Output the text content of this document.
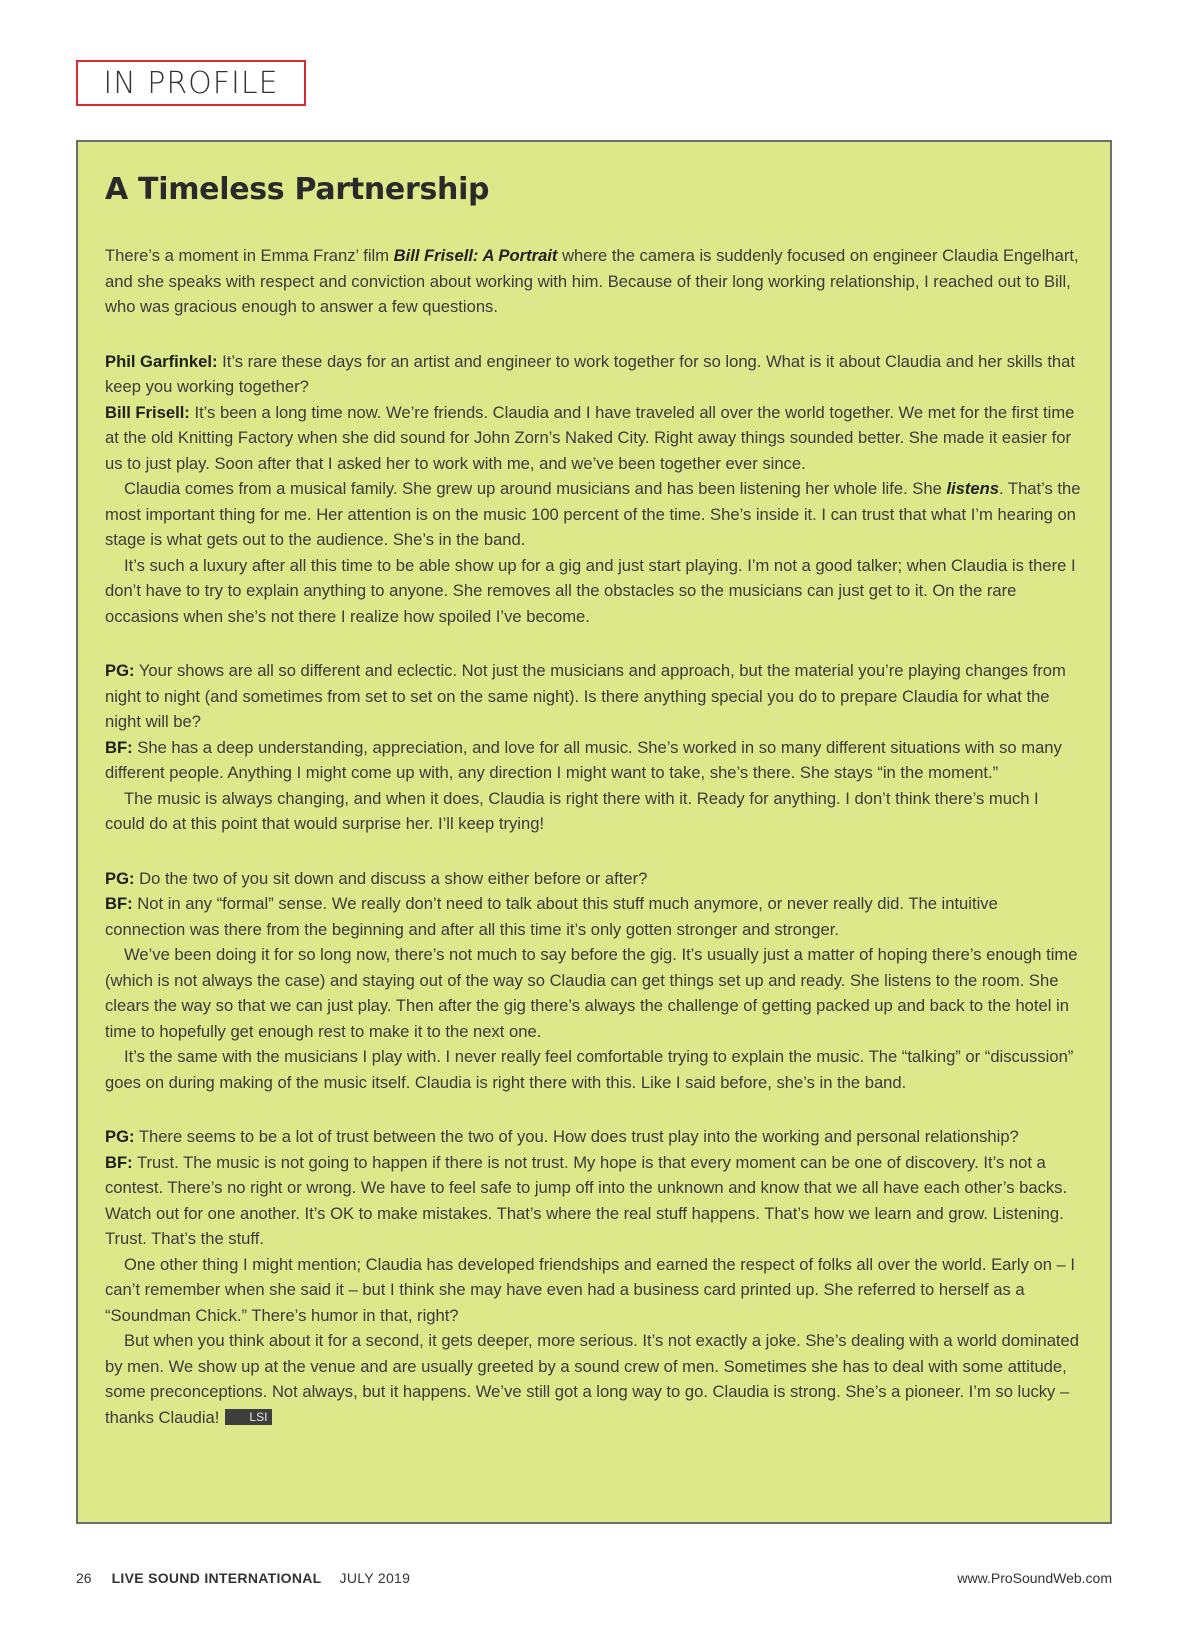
IN PROFILE
A Timeless Partnership

There’s a moment in Emma Franz’ film Bill Frisell: A Portrait where the camera is suddenly focused on engineer Claudia Engelhart, and she speaks with respect and conviction about working with him. Because of their long working relationship, I reached out to Bill, who was gracious enough to answer a few questions.

Phil Garfinkel: It’s rare these days for an artist and engineer to work together for so long. What is it about Claudia and her skills that keep you working together?

Bill Frisell: It’s been a long time now. We’re friends. Claudia and I have traveled all over the world together. We met for the first time at the old Knitting Factory when she did sound for John Zorn’s Naked City. Right away things sounded better. She made it easier for us to just play. Soon after that I asked her to work with me, and we’ve been together ever since.

Claudia comes from a musical family. She grew up around musicians and has been listening her whole life. She listens. That’s the most important thing for me. Her attention is on the music 100 percent of the time. She’s inside it. I can trust that what I’m hearing on stage is what gets out to the audience. She’s in the band.

It’s such a luxury after all this time to be able show up for a gig and just start playing. I’m not a good talker; when Claudia is there I don’t have to try to explain anything to anyone. She removes all the obstacles so the musicians can just get to it. On the rare occasions when she’s not there I realize how spoiled I’ve become.

PG: Your shows are all so different and eclectic. Not just the musicians and approach, but the material you’re playing changes from night to night (and sometimes from set to set on the same night). Is there anything special you do to prepare Claudia for what the night will be?

BF: She has a deep understanding, appreciation, and love for all music. She’s worked in so many different situations with so many different people. Anything I might come up with, any direction I might want to take, she’s there. She stays “in the moment.”

The music is always changing, and when it does, Claudia is right there with it. Ready for anything. I don’t think there’s much I could do at this point that would surprise her. I’ll keep trying!

PG: Do the two of you sit down and discuss a show either before or after?

BF: Not in any “formal” sense. We really don’t need to talk about this stuff much anymore, or never really did. The intuitive connection was there from the beginning and after all this time it’s only gotten stronger and stronger.

We’ve been doing it for so long now, there’s not much to say before the gig. It’s usually just a matter of hoping there’s enough time (which is not always the case) and staying out of the way so Claudia can get things set up and ready. She listens to the room. She clears the way so that we can just play. Then after the gig there’s always the challenge of getting packed up and back to the hotel in time to hopefully get enough rest to make it to the next one.

It’s the same with the musicians I play with. I never really feel comfortable trying to explain the music. The “talking” or “discussion” goes on during making of the music itself. Claudia is right there with this. Like I said before, she’s in the band.

PG: There seems to be a lot of trust between the two of you. How does trust play into the working and personal relationship?

BF: Trust. The music is not going to happen if there is not trust. My hope is that every moment can be one of discovery. It’s not a contest. There’s no right or wrong. We have to feel safe to jump off into the unknown and know that we all have each other’s backs. Watch out for one another. It’s OK to make mistakes. That’s where the real stuff happens. That’s how we learn and grow. Listening. Trust. That’s the stuff.

One other thing I might mention; Claudia has developed friendships and earned the respect of folks all over the world. Early on – I can’t remember when she said it – but I think she may have even had a business card printed up. She referred to herself as a “Soundman Chick.” There’s humor in that, right?

But when you think about it for a second, it gets deeper, more serious. It’s not exactly a joke. She’s dealing with a world dominated by men. We show up at the venue and are usually greeted by a sound crew of men. Sometimes she has to deal with some attitude, some preconceptions. Not always, but it happens. We’ve still got a long way to go. Claudia is strong. She’s a pioneer. I’m so lucky – thanks Claudia!	LSI

26 LIVE SOUND INTERNATIONAL JULY 2019	www.ProSoundWeb.com
